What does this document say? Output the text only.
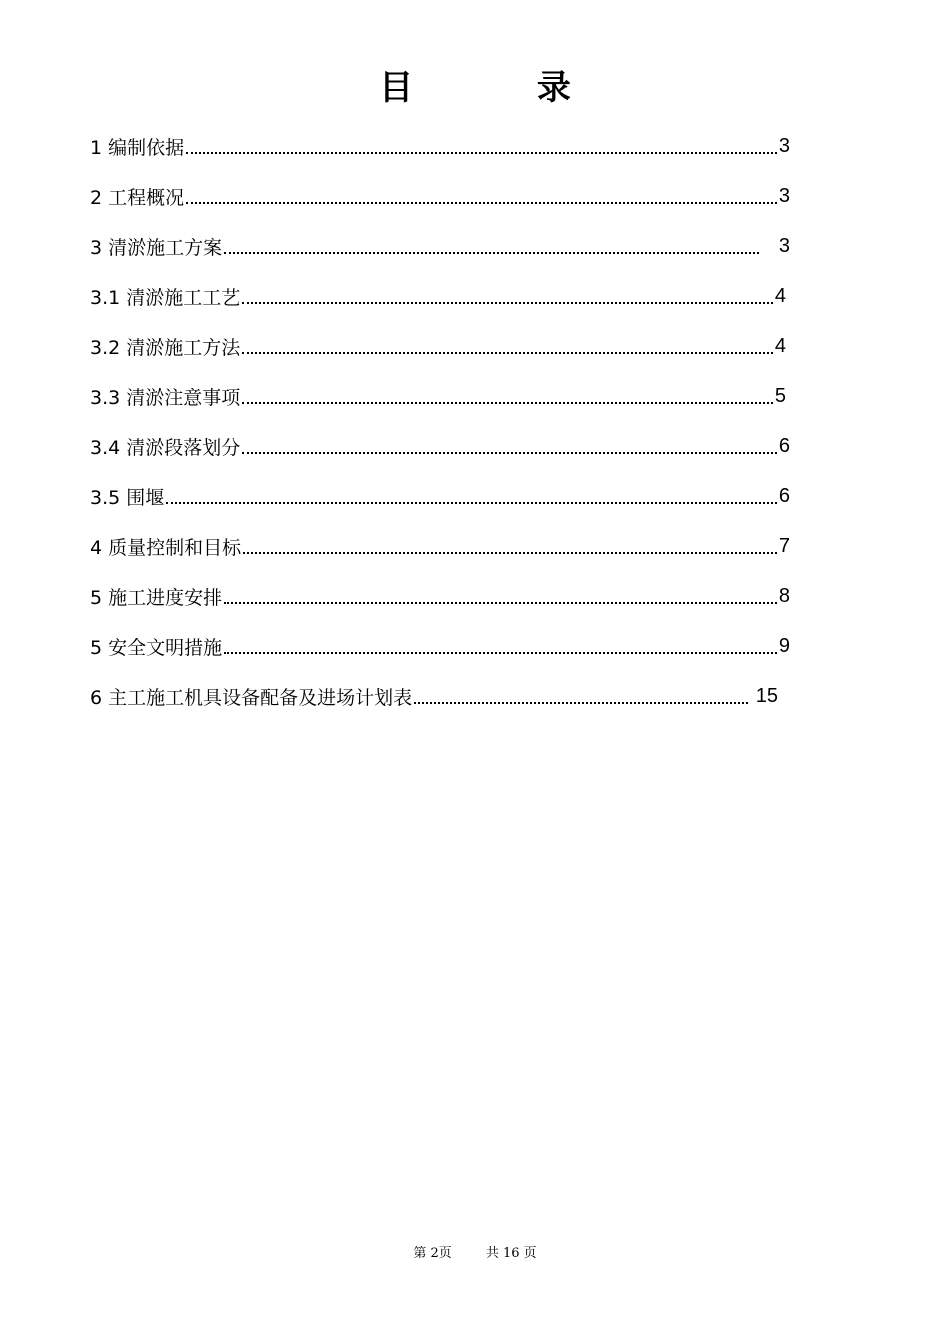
目 录
1 编制依据	3
2 工程概况	3
3 清淤施工方案	3
3.1 清淤施工工艺	4
3.2 清淤施工方法	4
3.3 清淤注意事项	5
3.4 清淤段落划分	6
3.5 围堰	6
4 质量控制和目标	7
5 施工进度安排	8
5 安全文明措施	9
6 主工施工机具设备配备及进场计划表	15
第 2页	共 16 页
